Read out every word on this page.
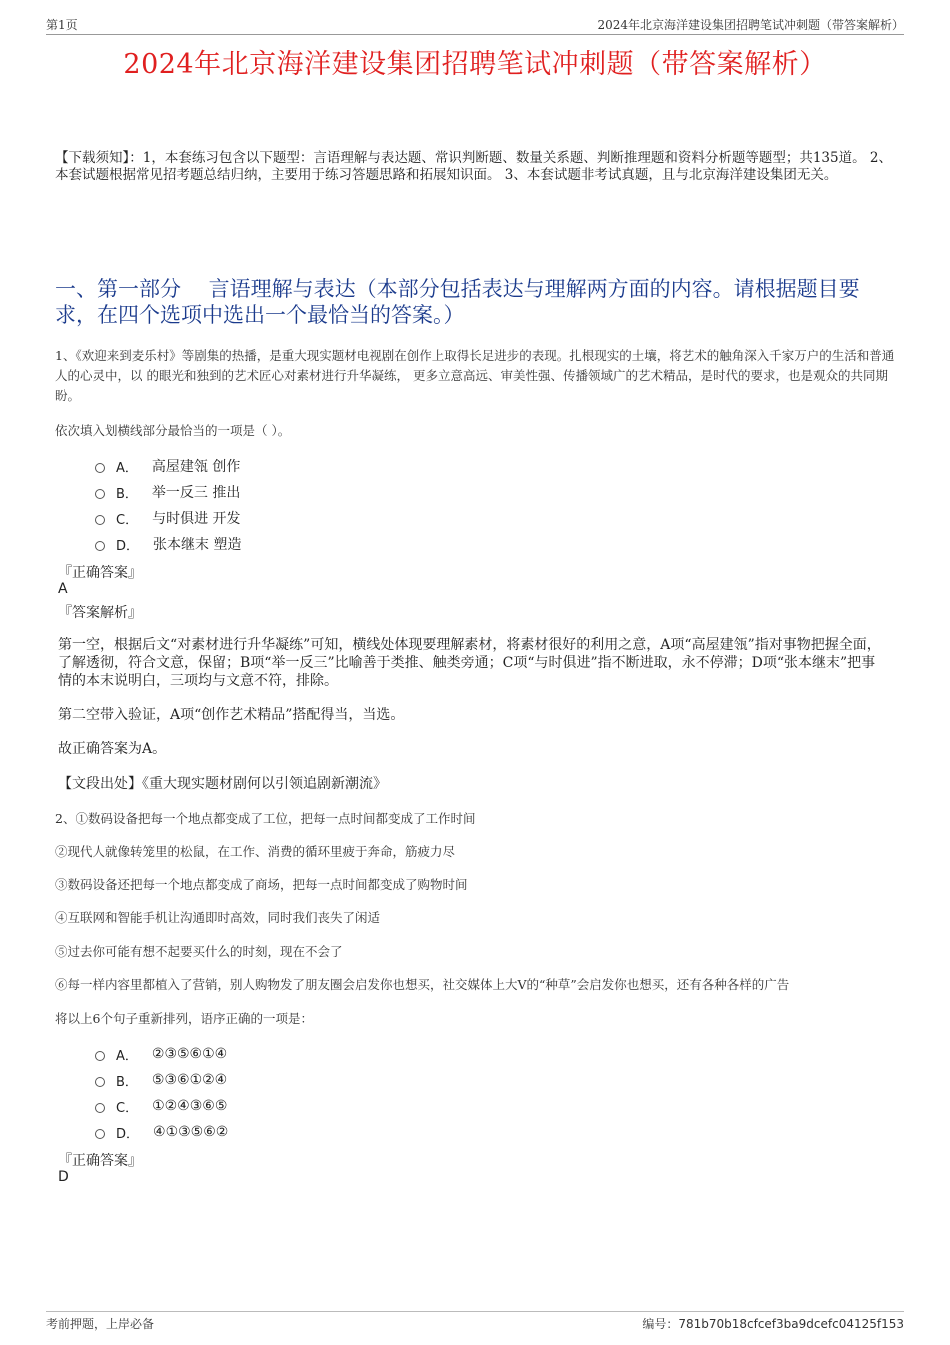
第1页	2024年北京海洋建设集团招聘笔试冲刺题（带答案解析）
2024年北京海洋建设集团招聘笔试冲刺题（带答案解析）
【下载须知】：1，本套练习包含以下题型：言语理解与表达题、常识判断题、数量关系题、判断推理题和资料分析题等题型；共135道。 2、本套试题根据常见招考题总结归纳，主要用于练习答题思路和拓展知识面。 3、本套试题非考试真题，且与北京海洋建设集团无关。
一、第一部分　 言语理解与表达（本部分包括表达与理解两方面的内容。请根据题目要求，在四个选项中选出一个最恰当的答案。）

1、《欢迎来到麦乐村》等剧集的热播，是重大现实题材电视剧在创作上取得长足进步的表现。扎根现实的土壤，将艺术的触角深入千家万户的生活和普通人的心灵中，以 的眼光和独到的艺术匠心对素材进行升华凝练， 更多立意高远、审美性强、传播领域广的艺术精品，是时代的要求，也是观众的共同期盼。

依次填入划横线部分最恰当的一项是（ ）。

A． 高屋建瓴 创作
B． 举一反三 推出
C． 与时俱进 开发
D． 张本继末 塑造
『正确答案』
A
『答案解析』

第一空，根据后文“对素材进行升华凝练”可知，横线处体现要理解素材，将素材很好的利用之意，A项“高屋建瓴”指对事物把握全面，了解透彻，符合文意，保留；B项“举一反三”比喻善于类推、触类旁通；C项“与时俱进”指不断进取，永不停滞；D项“张本继末”把事情的本末说明白，三项均与文意不符，排除。

第二空带入验证，A项“创作艺术精品”搭配得当，当选。

故正确答案为A。

【文段出处】《重大现实题材剧何以引领追剧新潮流》
2、①数码设备把每一个地点都变成了工位，把每一点时间都变成了工作时间
②现代人就像转笼里的松鼠，在工作、消费的循环里疲于奔命，筋疲力尽
③数码设备还把每一个地点都变成了商场，把每一点时间都变成了购物时间
④互联网和智能手机让沟通即时高效，同时我们丧失了闲适
⑤过去你可能有想不起要买什么的时刻，现在不会了
⑥每一样内容里都植入了营销，别人购物发了朋友圈会启发你也想买，社交媒体上大V的“种草”会启发你也想买，还有各种各样的广告
将以上6个句子重新排列，语序正确的一项是：
A． ②③⑤⑥①④
B． ⑤③⑥①②④
C． ①②④③⑥⑤
D． ④①③⑤⑥②
『正确答案』
D
考前押题，上岸必备	编号：781b70b18cfcef3ba9dcefc04125f153
